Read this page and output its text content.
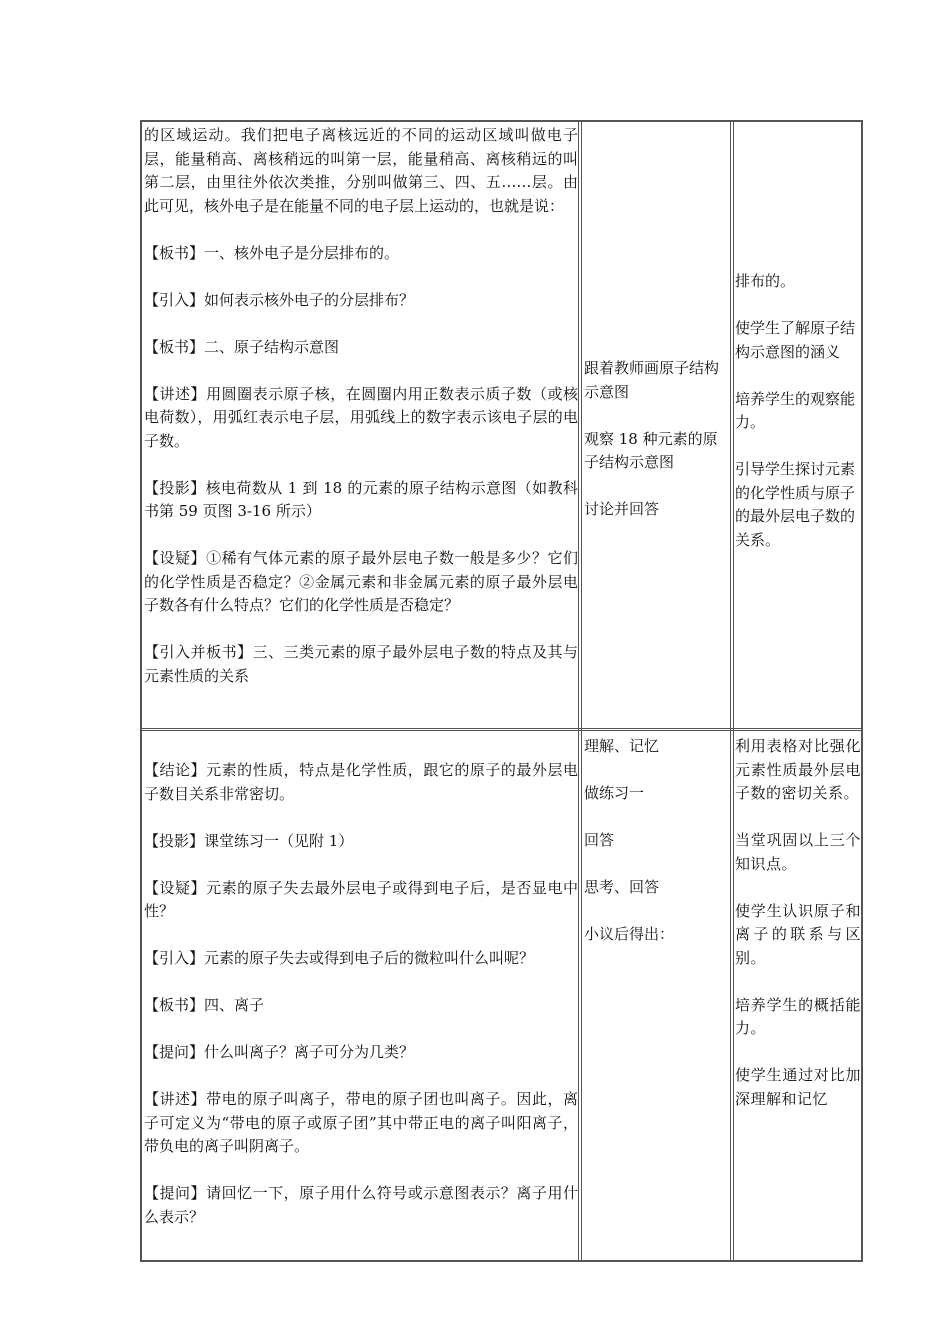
的区域运动。我们把电子离核远近的不同的运动区域叫做电子层，能量稍高、离核稍远的叫第一层，能量稍高、离核稍远的叫第二层，由里往外依次类推，分别叫做第三、四、五……层。由此可见，核外电子是在能量不同的电子层上运动的，也就是说：

【板书】一、核外电子是分层排布的。

【引入】如何表示核外电子的分层排布？

【板书】二、原子结构示意图

【讲述】用圆圈表示原子核，在圆圈内用正数表示质子数（或核电荷数），用弧红表示电子层，用弧线上的数字表示该电子层的电子数。

【投影】核电荷数从 1 到 18 的元素的原子结构示意图（如教科书第 59 页图 3-16 所示）

【设疑】①稀有气体元素的原子最外层电子数一般是多少？它们的化学性质是否稳定？②金属元素和非金属元素的原子最外层电子数各有什么特点？它们的化学性质是否稳定？

【引入并板书】三、三类元素的原子最外层电子数的特点及其与元素性质的关系

跟着教师画原子结构示意图

观察 18 种元素的原子结构示意图

讨论并回答

排布的。

使学生了解原子结构示意图的涵义

培养学生的观察能力。

引导学生探讨元素的化学性质与原子的最外层电子数的关系。

【结论】元素的性质，特点是化学性质，跟它的原子的最外层电子数目关系非常密切。

【投影】课堂练习一（见附 1）

【设疑】元素的原子失去最外层电子或得到电子后，是否显电中性？

【引入】元素的原子失去或得到电子后的微粒叫什么叫呢？

【板书】四、离子

【提问】什么叫离子？离子可分为几类？

【讲述】带电的原子叫离子，带电的原子团也叫离子。因此，离子可定义为“带电的原子或原子团”其中带正电的离子叫阳离子，带负电的离子叫阴离子。

【提问】请回忆一下，原子用什么符号或示意图表示？离子用什么表示？

理解、记忆

做练习一

回答

思考、回答

小议后得出：

利用表格对比强化元素性质最外层电子数的密切关系。

当堂巩固以上三个知识点。

使学生认识原子和离子的联系与区别。

培养学生的概括能力。

使学生通过对比加深理解和记忆
